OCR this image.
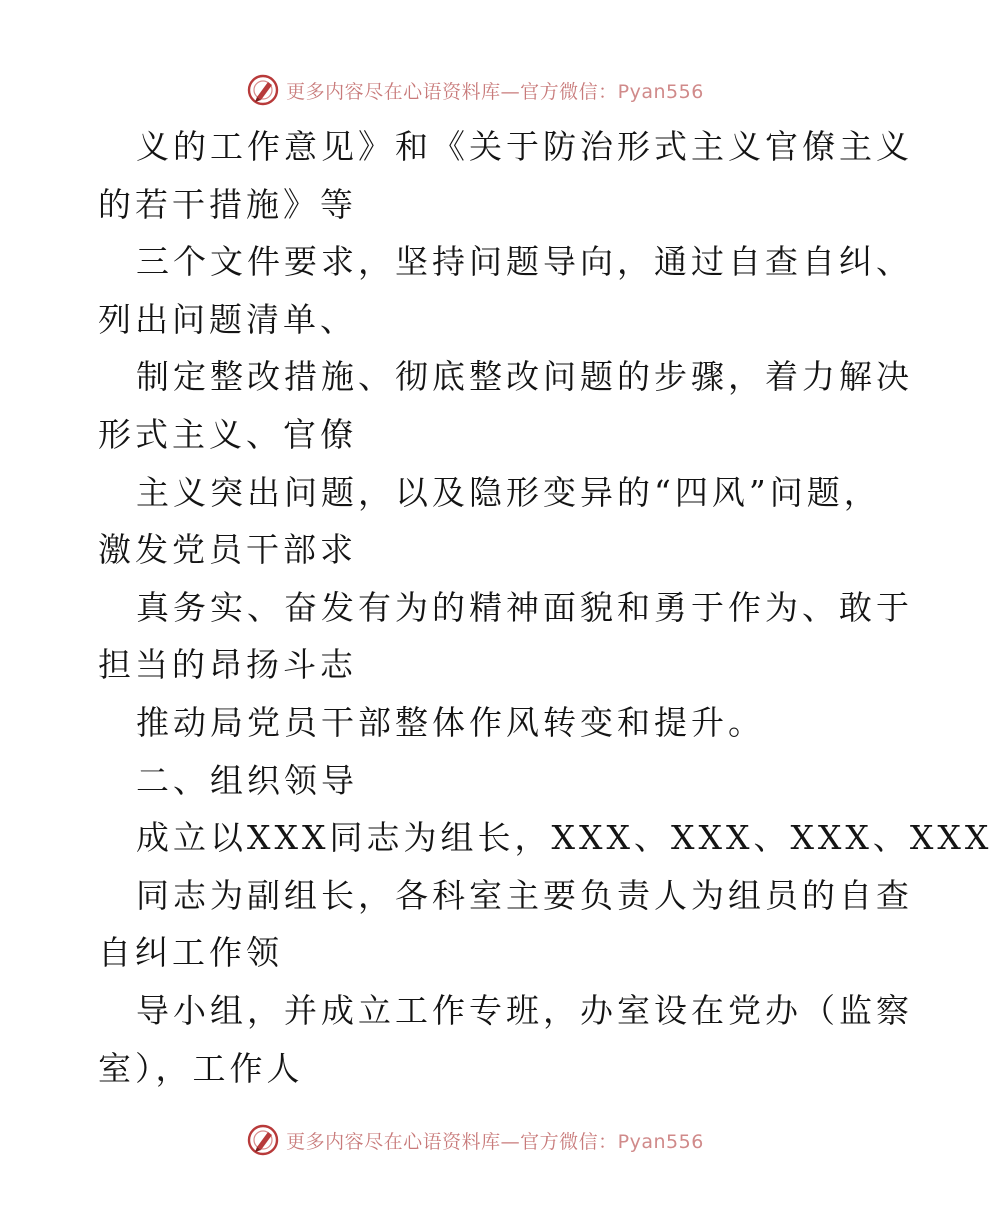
更多内容尽在心语资料库—官方微信：Pyan556
义的工作意见》和《关于防治形式主义官僚主义
的若干措施》等
三个文件要求，坚持问题导向，通过自查自纠、
列出问题清单、
制定整改措施、彻底整改问题的步骤，着力解决
形式主义、官僚
主义突出问题，以及隐形变异的“四风”问题，
激发党员干部求
真务实、奋发有为的精神面貌和勇于作为、敢于
担当的昂扬斗志
推动局党员干部整体作风转变和提升。
二、组织领导
成立以XXX同志为组长，XXX、XXX、XXX、XXX
同志为副组长，各科室主要负责人为组员的自查
自纠工作领
导小组，并成立工作专班，办室设在党办（监察
室），工作人
更多内容尽在心语资料库—官方微信：Pyan556
